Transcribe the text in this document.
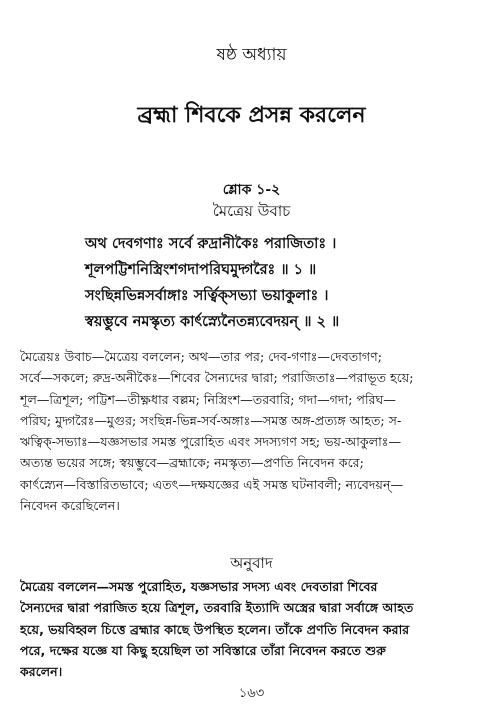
ষষ্ঠ অধ্যায়
ব্রহ্মা শিবকে প্রসন্ন করলেন
শ্লোক ১-২
মৈত্রেয় উবাচ
অথ দেবগণাঃ সর্বে রুদ্রানীকৈঃ পরাজিতাঃ ।
শূলপট্টিশনিস্ত্রিংশগদাপরিঘমুদ্গরৈঃ ॥ ১ ॥
সংছিন্নভিন্নসর্বাঙ্গাঃ সর্ত্বিক্‌সভ্যা ভয়াকুলাঃ ।
স্বয়ম্ভুবে নমস্কৃত্য কার্ৎস্ন্যেনৈতন্ন্যবেদয়ন্ ॥ ২ ॥
মৈত্রেয়ঃ উবাচ—মৈত্রেয় বললেন; অথ—তার পর; দেব-গণাঃ—দেবতাগণ;
সর্বে—সকলে; রুদ্র-অনীকৈঃ—শিবের সৈন্যদের দ্বারা; পরাজিতাঃ—পরাভূত হয়ে;
শূল—ত্রিশূল; পট্টিশ—তীক্ষ্ণধার বল্লম; নিস্ত্রিংশ—তরবারি; গদা—গদা; পরিঘ—
পরিঘ; মুদ্গরৈঃ—মুগুর; সংছিন্ন-ভিন্ন-সর্ব-অঙ্গাঃ—সমস্ত অঙ্গ-প্রত্যঙ্গ আহত; স-
ঋত্বিক্‌-সভ্যাঃ—যজ্ঞসভার সমস্ত পুরোহিত এবং সদস্যগণ সহ; ভয়-আকুলাঃ—
অত্যন্ত ভয়ের সঙ্গে; স্বয়ম্ভুবে—ব্রহ্মাকে; নমস্কৃত্য—প্রণতি নিবেদন করে;
কার্ৎস্ন্যেন—বিস্তারিতভাবে; এতৎ—দক্ষযজ্ঞের এই সমস্ত ঘটনাবলী; ন্যবেদয়ন্—
নিবেদন করেছিলেন।
অনুবাদ
মৈত্রেয় বললেন—সমস্ত পুরোহিত, যজ্ঞসভার সদস্য এবং দেবতারা শিবের
সৈন্যদের দ্বারা পরাজিত হয়ে ত্রিশূল, তরবারি ইত্যাদি অস্ত্রের দ্বারা সর্বাঙ্গে আহত
হয়ে, ভয়বিহ্বল চিত্তে ব্রহ্মার কাছে উপস্থিত হলেন। তাঁকে প্রণতি নিবেদন করার
পরে, দক্ষের যজ্ঞে যা কিছু হয়েছিল তা সবিস্তারে তাঁরা নিবেদন করতে শুরু
করলেন।
১৬৩
